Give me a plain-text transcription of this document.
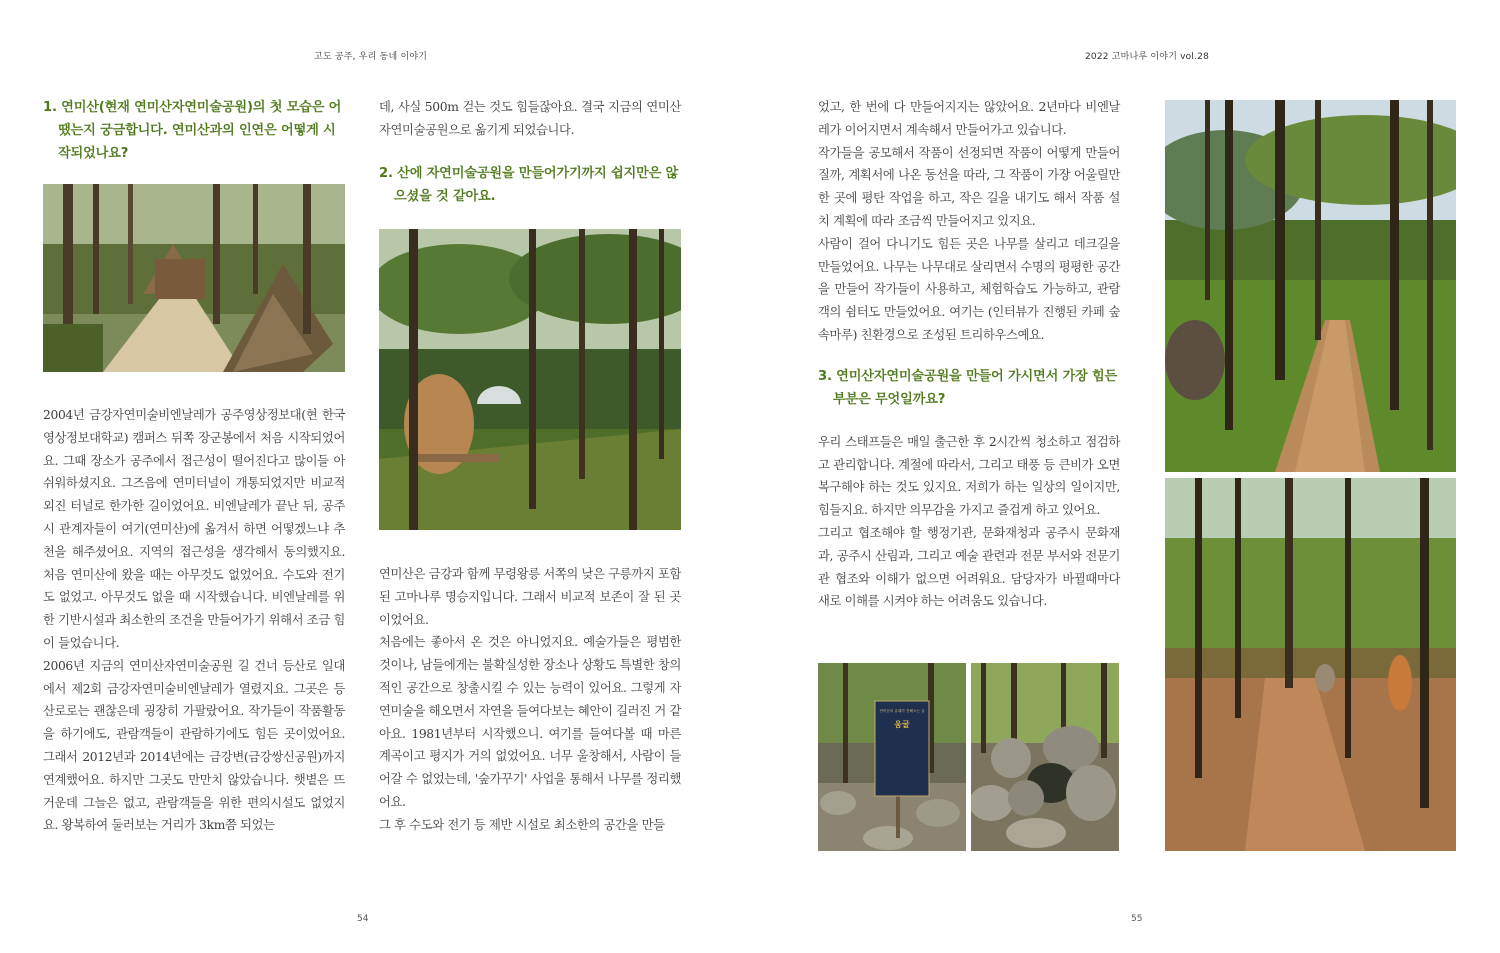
고도 공주, 우리 동네 이야기	2022 고마나루 이야기 vol.28
1. 연미산(현재 연미산자연미술공원)의 첫 모습은 어땠는지 궁금합니다. 연미산과의 인연은 어떻게 시작되었나요?

2004년 금강자연미술비엔날레가 공주영상정보대(현 한국영상정보대학교) 캠퍼스 뒤쪽 장군봉에서 처음 시작되었어요. 그때 장소가 공주에서 접근성이 떨어진다고 많이들 아쉬워하셨지요. 그즈음에 연미터널이 개통되었지만 비교적 외진 터널로 한가한 길이었어요. 비엔날레가 끝난 뒤, 공주시 관계자들이 여기(연미산)에 옮겨서 하면 어떻겠느냐 추천을 해주셨어요. 지역의 접근성을 생각해서 동의했지요. 처음 연미산에 왔을 때는 아무것도 없었어요. 수도와 전기도 없었고. 아무것도 없을 때 시작했습니다. 비엔날레를 위한 기반시설과 최소한의 조건을 만들어가기 위해서 조금 힘이 들었습니다.

2006년 지금의 연미산자연미술공원 길 건너 등산로 일대에서 제2회 금강자연미술비엔날레가 열렸지요. 그곳은 등산로로는 괜찮은데 굉장히 가팔랐어요. 작가들이 작품활동을 하기에도, 관람객들이 관람하기에도 힘든 곳이었어요. 그래서 2012년과 2014년에는 금강변(금강쌍신공원)까지 연계했어요. 하지만 그곳도 만만치 않았습니다. 햇볕은 뜨거운데 그늘은 없고, 관람객들을 위한 편의시설도 없었지요. 왕복하여 둘러보는 거리가 3km쯤 되었는

데, 사실 500m 걷는 것도 힘들잖아요. 결국 지금의 연미산자연미술공원으로 옮기게 되었습니다.

2. 산에 자연미술공원을 만들어가기까지 쉽지만은 않으셨을 것 같아요.

연미산은 금강과 함께 무령왕릉 서쪽의 낮은 구릉까지 포함된 고마나루 명승지입니다. 그래서 비교적 보존이 잘 된 곳이었어요.

처음에는 좋아서 온 것은 아니었지요. 예술가들은 평범한 것이나, 남들에게는 불확실성한 장소나 상황도 특별한 창의적인 공간으로 창출시킬 수 있는 능력이 있어요. 그렇게 자연미술을 해오면서 자연을 들여다보는 혜안이 길러진 거 같아요. 1981년부터 시작했으니. 여기를 들여다볼 때 마른 계곡이고 평지가 거의 없었어요. 너무 울창해서, 사람이 들어갈 수 없었는데, '숲가꾸기' 사업을 통해서 나무를 정리했어요.

그 후 수도와 전기 등 제반 시설로 최소한의 공간을 만들

54

었고, 한 번에 다 만들어지지는 않았어요. 2년마다 비엔날레가 이어지면서 계속해서 만들어가고 있습니다.

작가들을 공모해서 작품이 선정되면 작품이 어떻게 만들어질까, 계획서에 나온 동선을 따라, 그 작품이 가장 어울릴만한 곳에 평탄 작업을 하고, 작은 길을 내기도 해서 작품 설치 계획에 따라 조금씩 만들어지고 있지요.

사람이 걸어 다니기도 힘든 곳은 나무를 살리고 데크길을 만들었어요. 나무는 나무대로 살리면서 수명의 평평한 공간을 만들어 작가들이 사용하고, 체험학습도 가능하고, 관람객의 쉼터도 만들었어요. 여기는 (인터뷰가 진행된 카페 숲속마루) 친환경으로 조성된 트리하우스예요.

3. 연미산자연미술공원을 만들어 가시면서 가장 힘든 부분은 무엇일까요?

우리 스태프들은 매일 출근한 후 2시간씩 청소하고 점검하고 관리합니다. 계절에 따라서, 그리고 태풍 등 큰비가 오면 복구해야 하는 것도 있지요. 저희가 하는 일상의 일이지만, 힘들지요. 하지만 의무감을 가지고 즐겁게 하고 있어요.

그리고 협조해야 할 행정기관, 문화재청과 공주시 문화재과, 공주시 산림과, 그리고 예술 관련과 전문 부서와 전문기관 협조와 이해가 없으면 어려워요. 담당자가 바뀔때마다 새로 이해를 시켜야 하는 어려움도 있습니다.

연미산의 유래가 전해오는 굴
움굴
55
